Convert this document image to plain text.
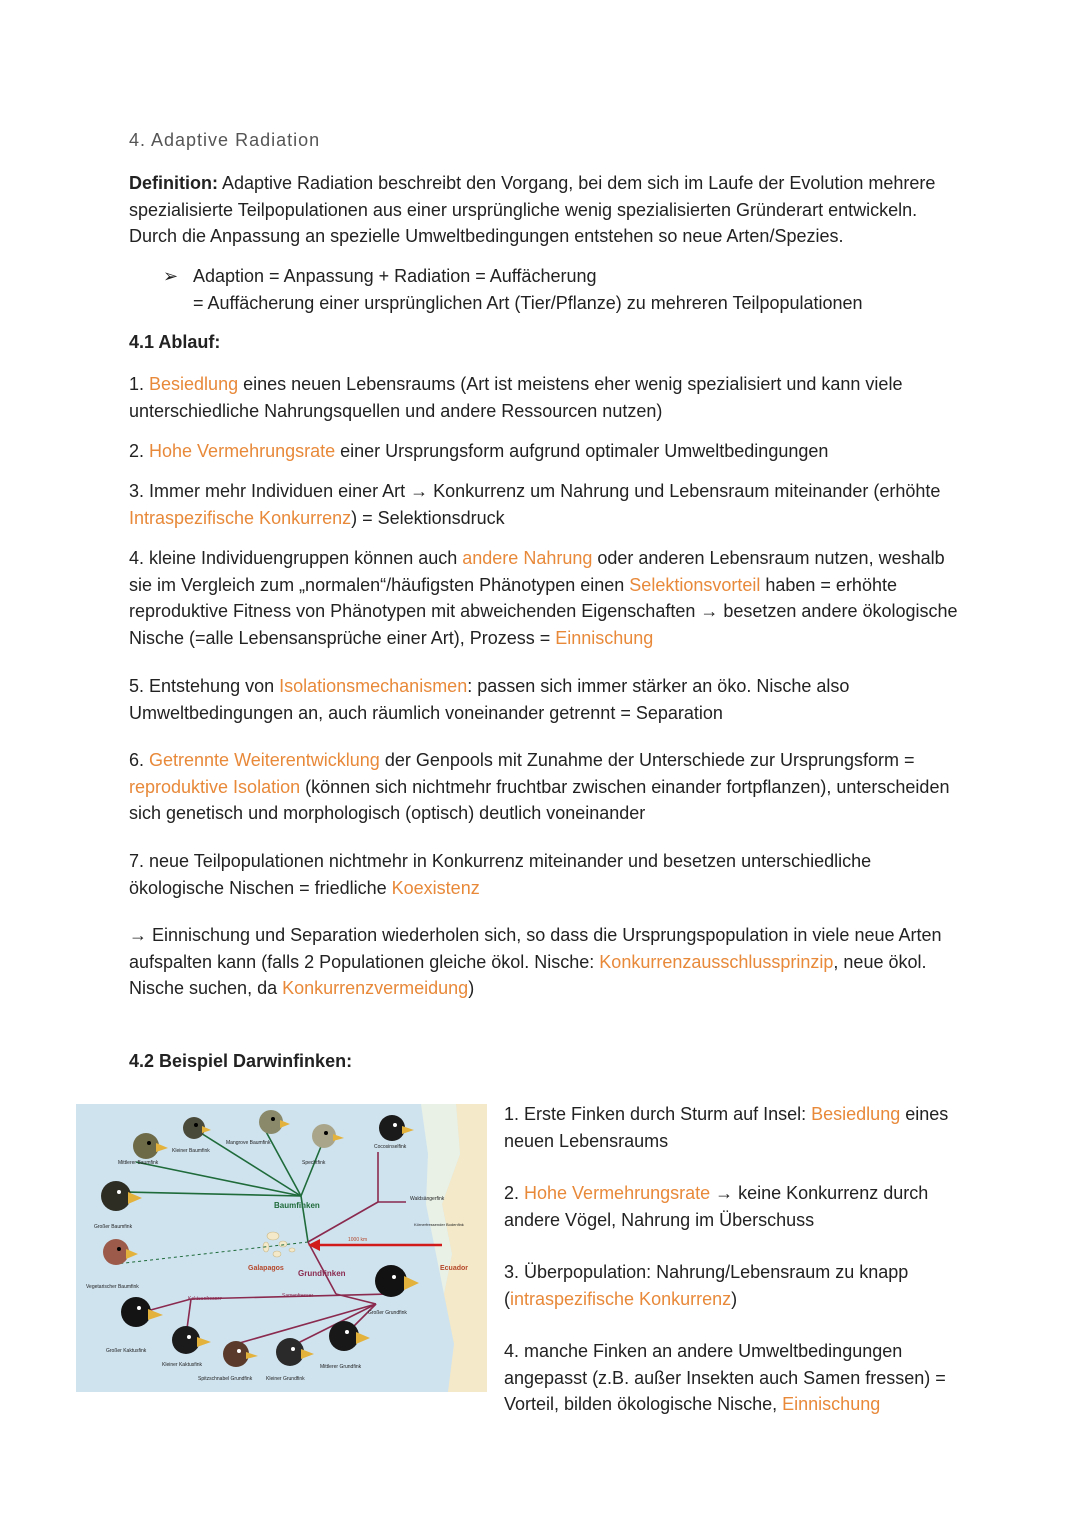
4. Adaptive Radiation
Definition: Adaptive Radiation beschreibt den Vorgang, bei dem sich im Laufe der Evolution mehrere spezialisierte Teilpopulationen aus einer ursprüngliche wenig spezialisierten Gründerart entwickeln. Durch die Anpassung an spezielle Umweltbedingungen entstehen so neue Arten/Spezies.
➢ Adaption = Anpassung + Radiation = Auffächerung
= Auffächerung einer ursprünglichen Art (Tier/Pflanze) zu mehreren Teilpopulationen
4.1 Ablauf:
1. Besiedlung eines neuen Lebensraums (Art ist meistens eher wenig spezialisiert und kann viele unterschiedliche Nahrungsquellen und andere Ressourcen nutzen)
2. Hohe Vermehrungsrate einer Ursprungsform aufgrund optimaler Umweltbedingungen
3. Immer mehr Individuen einer Art → Konkurrenz um Nahrung und Lebensraum miteinander (erhöhte Intraspezifische Konkurrenz) = Selektionsdruck
4. kleine Individuengruppen können auch andere Nahrung oder anderen Lebensraum nutzen, weshalb sie im Vergleich zum „normalen“/häufigsten Phänotypen einen Selektionsvorteil haben = erhöhte reproduktive Fitness von Phänotypen mit abweichenden Eigenschaften → besetzen andere ökologische Nische (=alle Lebensansprüche einer Art), Prozess = Einnischung
5. Entstehung von Isolationsmechanismen: passen sich immer stärker an öko. Nische also Umweltbedingungen an, auch räumlich voneinander getrennt = Separation
6. Getrennte Weiterentwicklung der Genpools mit Zunahme der Unterschiede zur Ursprungsform = reproduktive Isolation (können sich nichtmehr fruchtbar zwischen einander fortpflanzen), unterscheiden sich genetisch und morphologisch (optisch) deutlich voneinander
7. neue Teilpopulationen nichtmehr in Konkurrenz miteinander und besetzen unterschiedliche ökologische Nischen = friedliche Koexistenz
→ Einnischung und Separation wiederholen sich, so dass die Ursprungspopulation in viele neue Arten aufspalten kann (falls 2 Populationen gleiche ökol. Nische: Konkurrenzausschlussprinzip, neue ökol. Nische suchen, da Konkurrenzvermeidung)
4.2 Beispiel Darwinfinken:
Mittlerer Baumfink
Kleiner Baumfink
Mangrove Baumfink
Spechtfink
Cocosinselfink
Großer Baumfink
Vegetarischer Baumfink
Waldsängerfink
Körnerfressender Bodenfink
Großer Grundfink
Großer Kaktusfink
Kleiner Kaktusfink
Spitzschnabel Grundfink	Kleiner Grundfink
Mittlerer Grundfink
Baumfinken
Grundfinken
Galapagos	Ecuador
Kakteenfresser	Samenfresser
1000 km
1. Erste Finken durch Sturm auf Insel: Besiedlung eines neuen Lebensraums
2. Hohe Vermehrungsrate → keine Konkurrenz durch andere Vögel, Nahrung im Überschuss
3. Überpopulation: Nahrung/Lebensraum zu knapp (intraspezifische Konkurrenz)
4. manche Finken an andere Umweltbedingungen angepasst (z.B. außer Insekten auch Samen fressen) = Vorteil, bilden ökologische Nische, Einnischung
